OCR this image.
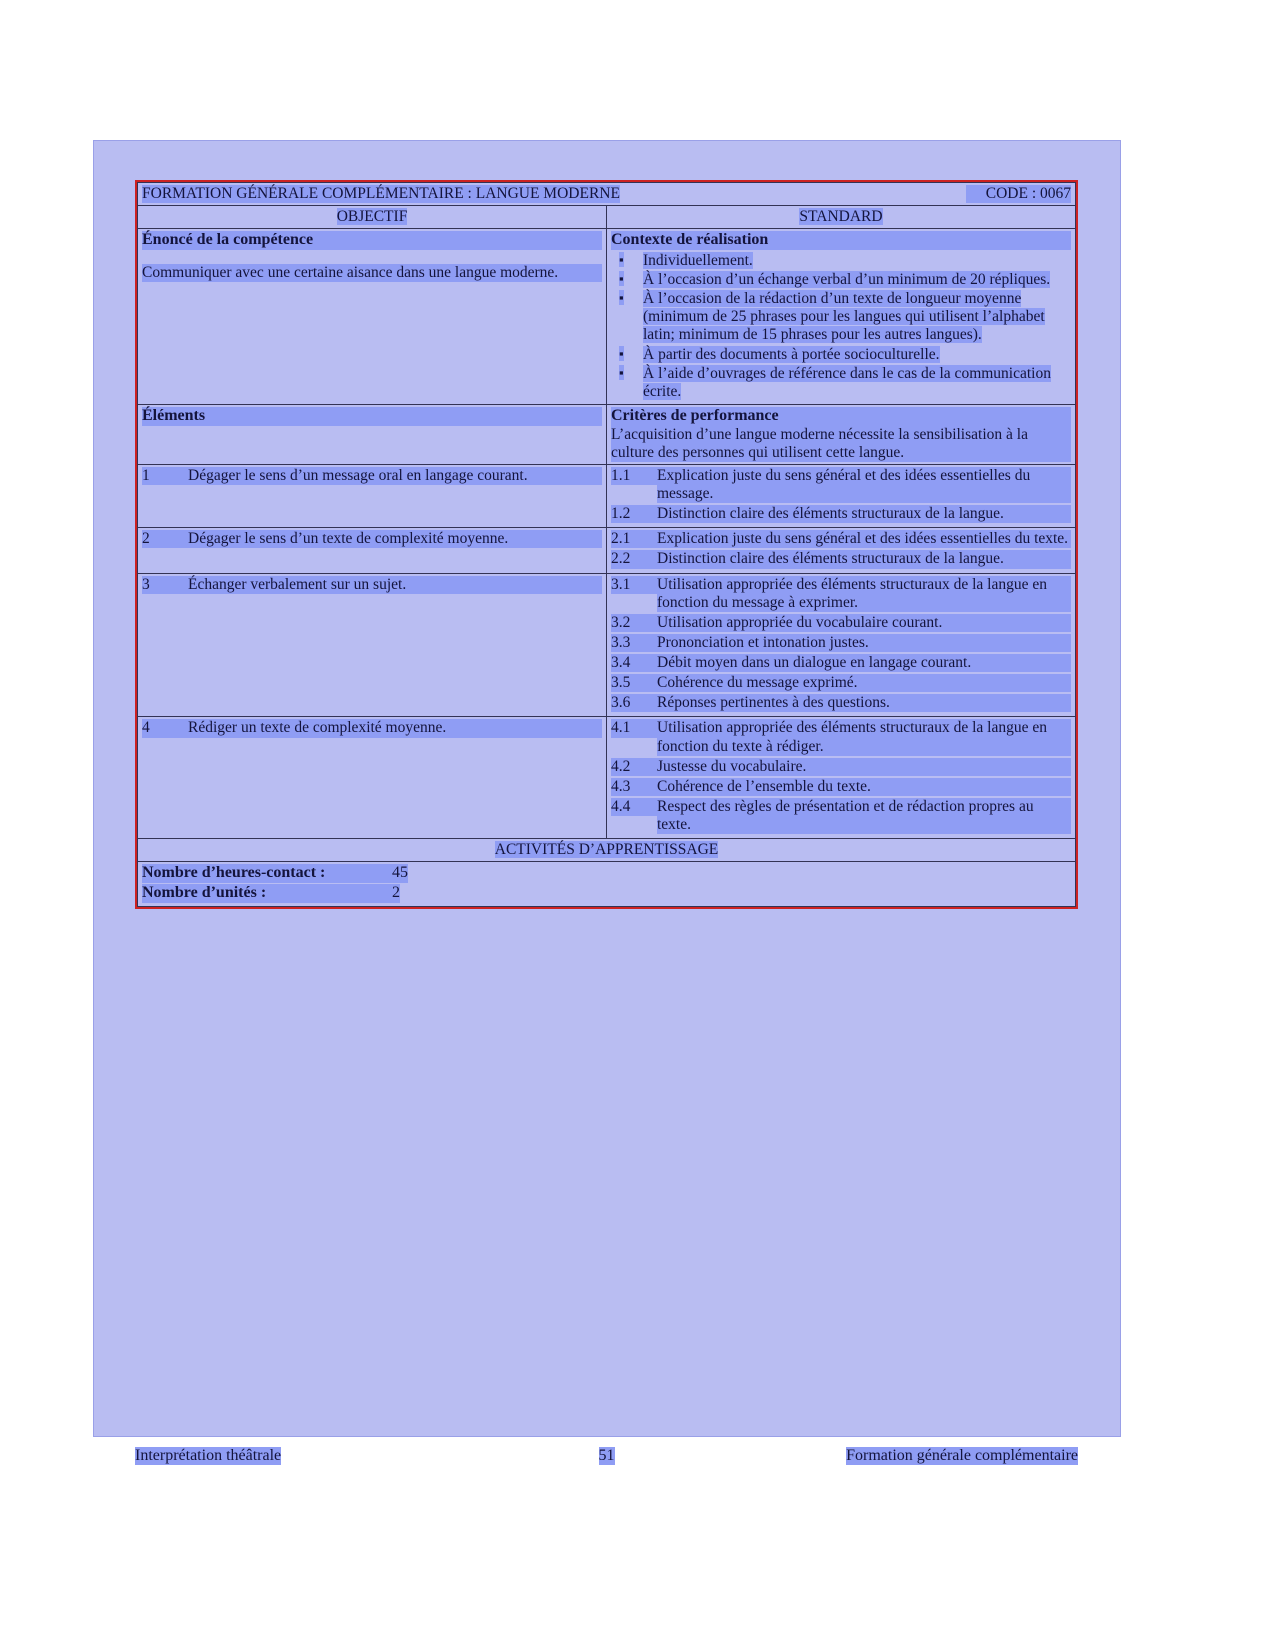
FORMATION GÉNÉRALE COMPLÉMENTAIRE : LANGUE MODERNE CODE : 0067	

OBJECTIF	STANDARD

Énoncé de la compétence
Communiquer avec une certaine aisance dans une langue moderne.

Contexte de réalisation
▪ Individuellement.
▪ À l’occasion d’un échange verbal d’un minimum de 20 répliques.
▪ À l’occasion de la rédaction d’un texte de longueur moyenne (minimum de 25 phrases pour les langues qui utilisent l’alphabet latin; minimum de 15 phrases pour les autres langues).
▪ À partir des documents à portée socioculturelle.
▪ À l’aide d’ouvrages de référence dans le cas de la communication écrite.

Éléments	Critères de performance
L’acquisition d’une langue moderne nécessite la sensibilisation à la culture des personnes qui utilisent cette langue.

1	Dégager le sens d’un message oral en langage courant.	1.1	Explication juste du sens général et des idées essentielles du message.
1.2	Distinction claire des éléments structuraux de la langue.

2	Dégager le sens d’un texte de complexité moyenne.	2.1	Explication juste du sens général et des idées essentielles du texte.
2.2	Distinction claire des éléments structuraux de la langue.

3	Échanger verbalement sur un sujet.	3.1	Utilisation appropriée des éléments structuraux de la langue en fonction du message à exprimer.
3.2	Utilisation appropriée du vocabulaire courant.
3.3	Prononciation et intonation justes.
3.4	Débit moyen dans un dialogue en langage courant.
3.5	Cohérence du message exprimé.
3.6	Réponses pertinentes à des questions.

4	Rédiger un texte de complexité moyenne.	4.1	Utilisation appropriée des éléments structuraux de la langue en fonction du texte à rédiger.
4.2	Justesse du vocabulaire.
4.3	Cohérence de l’ensemble du texte.
4.4	Respect des règles de présentation et de rédaction propres au texte.

ACTIVITÉS D’APPRENTISSAGE	

Nombre d’heures-contact : 45
Nombre d’unités : 2	
Interprétation théâtrale	51	Formation générale complémentaire
